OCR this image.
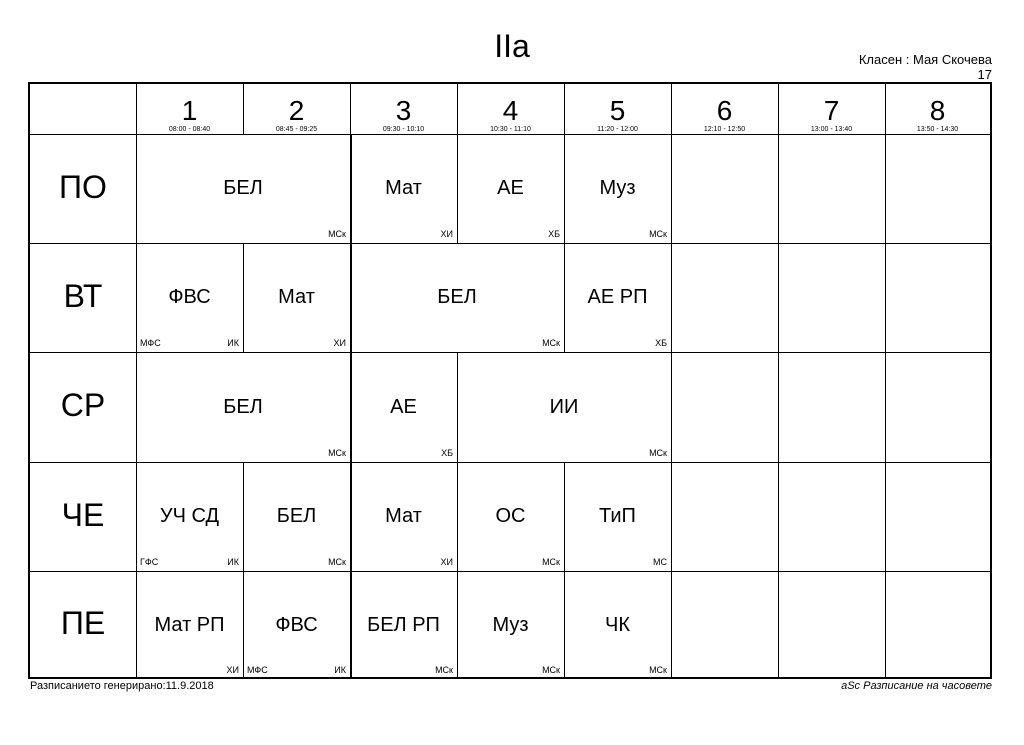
IIa	Класен : Мая Скочева
17
1
08:00 - 08:40
2
08:45 - 09:25
3
09:30 - 10:10
4
10:30 - 11:10
5
11:20 - 12:00
6
12:10 - 12:50
7
13:00 - 13:40
8
13:50 - 14:30
ПО
ВТ
СР
ЧЕ
ПЕ
БЕЛ
МСк
Мат
ХИ
АЕ
ХБ
Муз
МСк
ФВС
ИК
МФС
Мат
ХИ
БЕЛ
МСк
АЕ РП
ХБ
БЕЛ
МСк
АЕ
ХБ
ИИ
МСк
УЧ СД
ИК
ГФС
БЕЛ
МСк
Мат
ХИ
ОС
МСк
ТиП
МС
Мат РП
ХИ
ФВС
ИК
МФС
БЕЛ РП
МСк
Муз
МСк
ЧК
МСк
Разписанието генерирано:11.9.2018	aSc Разписание на часовете
